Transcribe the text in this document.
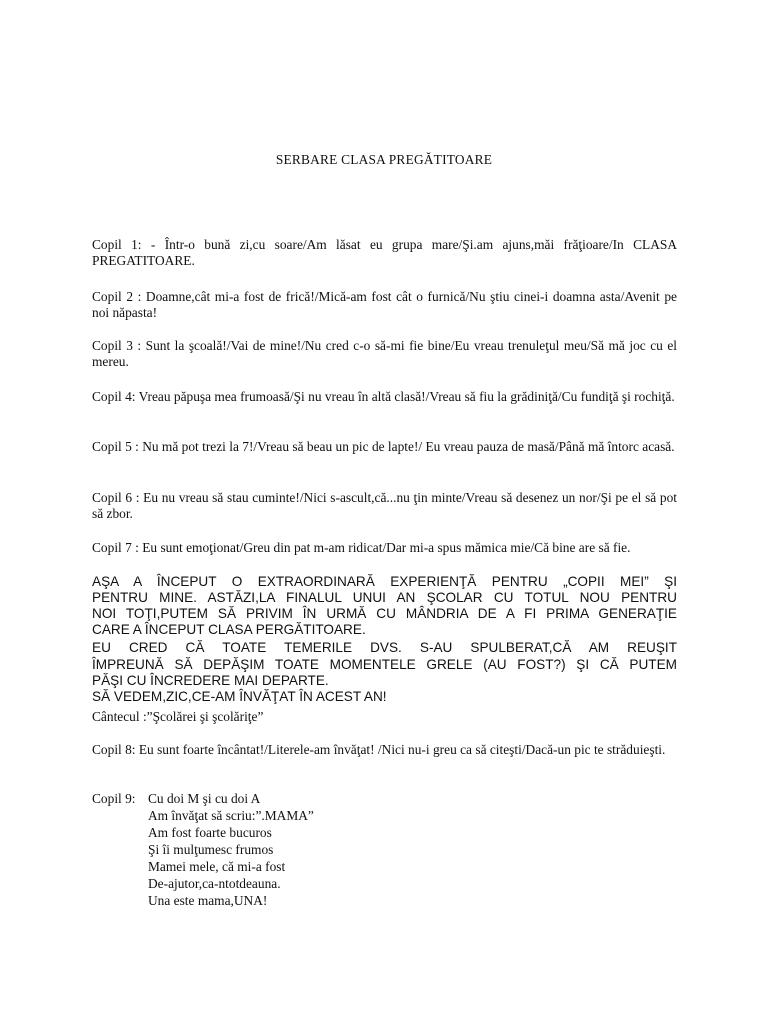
SERBARE CLASA PREGĂTITOARE

Copil 1: - Într-o bună zi,cu soare/Am lăsat eu grupa mare/Şi.am ajuns,măi frăţioare/In CLASA PREGATITOARE.

Copil 2 : Doamne,cât mi-a fost de frică!/Mică-am fost cât o furnică/Nu ştiu cinei-i doamna asta/Avenit pe noi năpasta!

Copil 3 : Sunt la şcoală!/Vai de mine!/Nu cred c-o să-mi fie bine/Eu vreau trenuleţul meu/Să mă joc cu el mereu.

Copil 4: Vreau păpuşa mea frumoasă/Şi nu vreau în altă clasă!/Vreau să fiu la grădiniţă/Cu fundiţă şi rochiţă.

Copil 5 : Nu mă pot trezi la 7!/Vreau să beau un pic de lapte!/ Eu vreau pauza de masă/Până mă întorc acasă.

Copil 6 : Eu nu vreau să stau cuminte!/Nici s-ascult,că...nu ţin minte/Vreau să desenez un nor/Şi pe el să pot să zbor.

Copil 7 : Eu sunt emoţionat/Greu din pat m-am ridicat/Dar mi-a spus mămica mie/Că bine are să fie.

AŞA A ÎNCEPUT O EXTRAORDINARĂ EXPERIENŢĂ PENTRU „COPII MEI” ŞI
PENTRU MINE. ASTĂZI,LA FINALUL UNUI AN ŞCOLAR CU TOTUL NOU PENTRU
NOI TOŢI,PUTEM SĂ PRIVIM ÎN URMĂ CU MÂNDRIA DE A FI PRIMA GENERAŢIE
CARE A ÎNCEPUT CLASA PERGĂTITOARE.
EU CRED CĂ TOATE TEMERILE DVS. S-AU SPULBERAT,CĂ AM REUŞIT
ÎMPREUNĂ SĂ DEPĂŞIM TOATE MOMENTELE GRELE (AU FOST?) ŞI CĂ PUTEM
PĂŞI CU ÎNCREDERE MAI DEPARTE.
SĂ VEDEM,ZIC,CE-AM ÎNVĂŢAT ÎN ACEST AN!
Cântecul :”Şcolărei şi şcolăriţe”

Copil 8: Eu sunt foarte încântat!/Literele-am învăţat! /Nici nu-i greu ca să citeşti/Dacă-un pic te străduieşti.

Copil 9: Cu doi M şi cu doi A
Am învăţat să scriu:”.MAMA”
Am fost foarte bucuros
Şi îi mulţumesc frumos
Mamei mele, că mi-a fost
De-ajutor,ca-ntotdeauna.
Una este mama,UNA!
